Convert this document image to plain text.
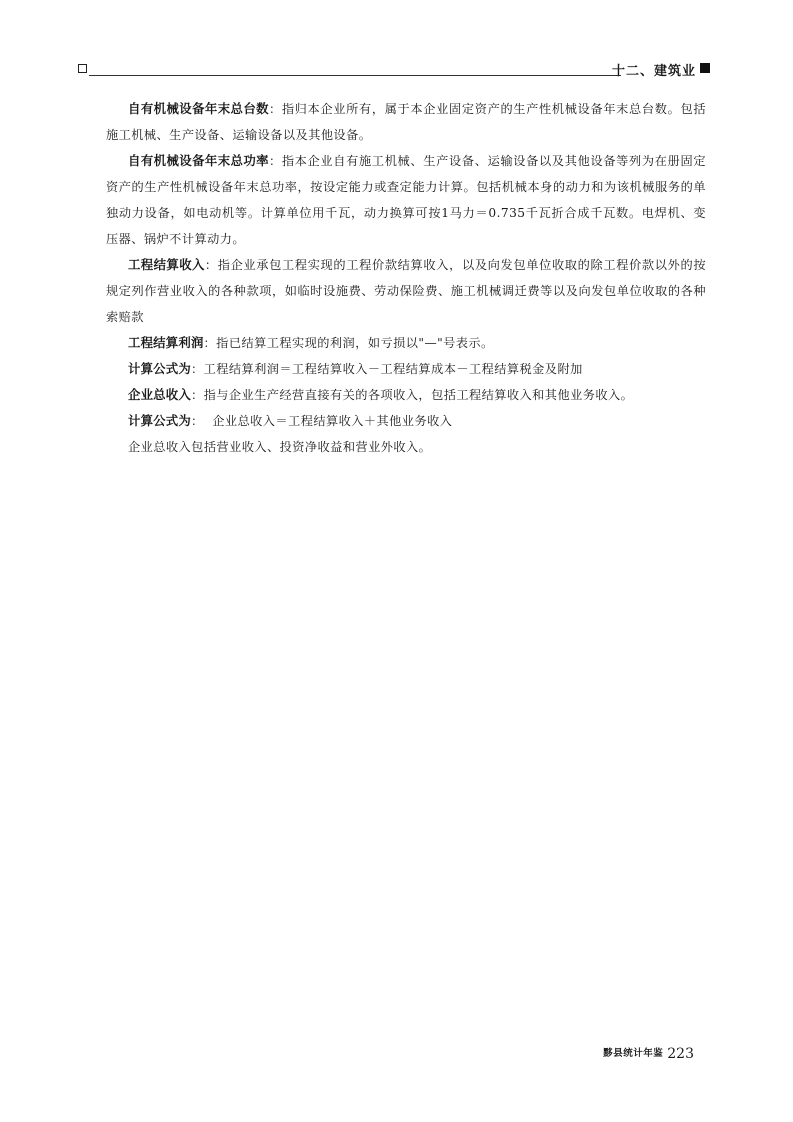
十二、建筑业

自有机械设备年末总台数：指归本企业所有，属于本企业固定资产的生产性机械设备年末总台数。包括施工机械、生产设备、运输设备以及其他设备。

自有机械设备年末总功率：指本企业自有施工机械、生产设备、运输设备以及其他设备等列为在册固定资产的生产性机械设备年末总功率，按设定能力或查定能力计算。包括机械本身的动力和为该机械服务的单独动力设备，如电动机等。计算单位用千瓦，动力换算可按1马力＝0.735千瓦折合成千瓦数。电焊机、变压器、锅炉不计算动力。

工程结算收入：指企业承包工程实现的工程价款结算收入，以及向发包单位收取的除工程价款以外的按规定列作营业收入的各种款项，如临时设施费、劳动保险费、施工机械调迁费等以及向发包单位收取的各种索赔款

工程结算利润：指已结算工程实现的利润，如亏损以"—"号表示。

计算公式为：工程结算利润＝工程结算收入－工程结算成本－工程结算税金及附加

企业总收入：指与企业生产经营直接有关的各项收入，包括工程结算收入和其他业务收入。

计算公式为：  企业总收入＝工程结算收入＋其他业务收入

企业总收入包括营业收入、投资净收益和营业外收入。

黟县统计年鉴 223
